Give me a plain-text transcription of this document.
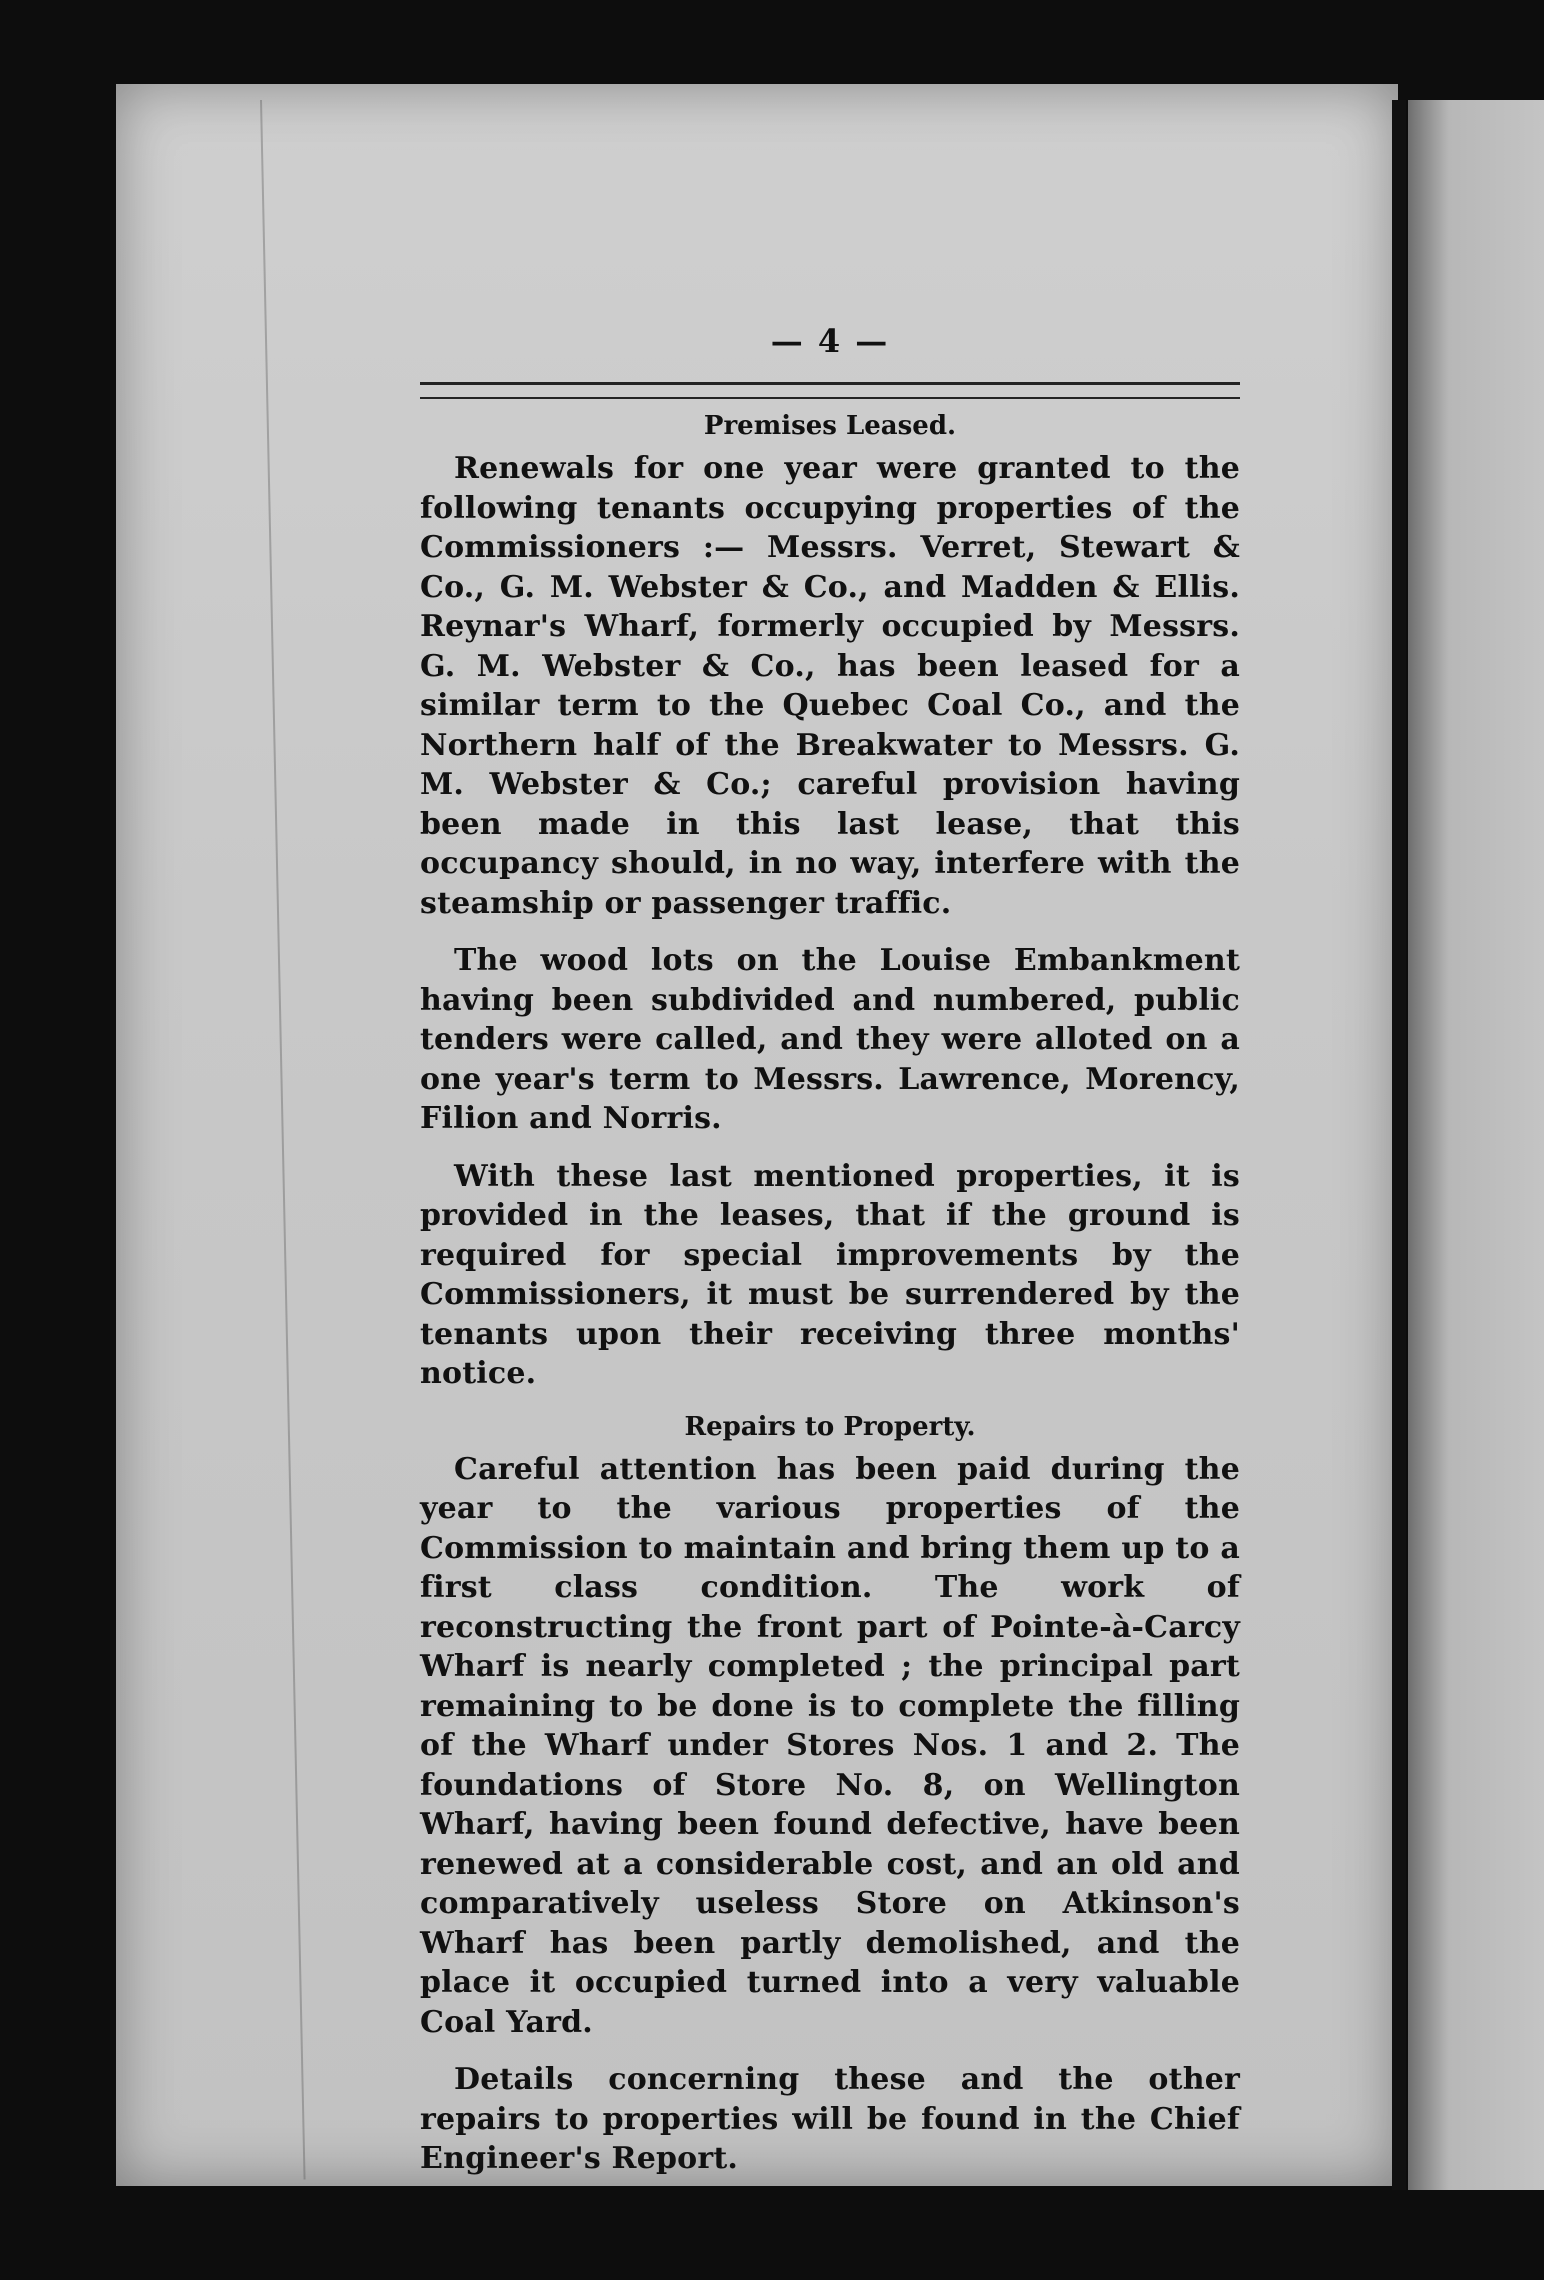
— 4 —
Premises Leased.

Renewals for one year were granted to the following tenants occupying properties of the Commissioners :— Messrs. Verret, Stewart & Co., G. M. Webster & Co., and Madden & Ellis. Reynar's Wharf, formerly occupied by Messrs. G. M. Webster & Co., has been leased for a similar term to the Quebec Coal Co., and the Northern half of the Breakwater to Messrs. G. M. Webster & Co.; careful provision having been made in this last lease, that this occupancy should, in no way, interfere with the steamship or passenger traffic.

The wood lots on the Louise Embankment having been subdivided and numbered, public tenders were called, and they were alloted on a one year's term to Messrs. Lawrence, Morency, Filion and Norris.

With these last mentioned properties, it is provided in the leases, that if the ground is required for special improvements by the Commissioners, it must be surrendered by the tenants upon their receiving three months' notice.

Repairs to Property.

Careful attention has been paid during the year to the various properties of the Commission to maintain and bring them up to a first class condition. The work of reconstructing the front part of Pointe-à-Carcy Wharf is nearly completed ; the principal part remaining to be done is to complete the filling of the Wharf under Stores Nos. 1 and 2. The foundations of Store No. 8, on Wellington Wharf, having been found defective, have been renewed at a considerable cost, and an old and comparatively useless Store on Atkinson's Wharf has been partly demolished, and the place it occupied turned into a very valuable Coal Yard.

Details concerning these and the other repairs to properties will be found in the Chief Engineer's Report.
